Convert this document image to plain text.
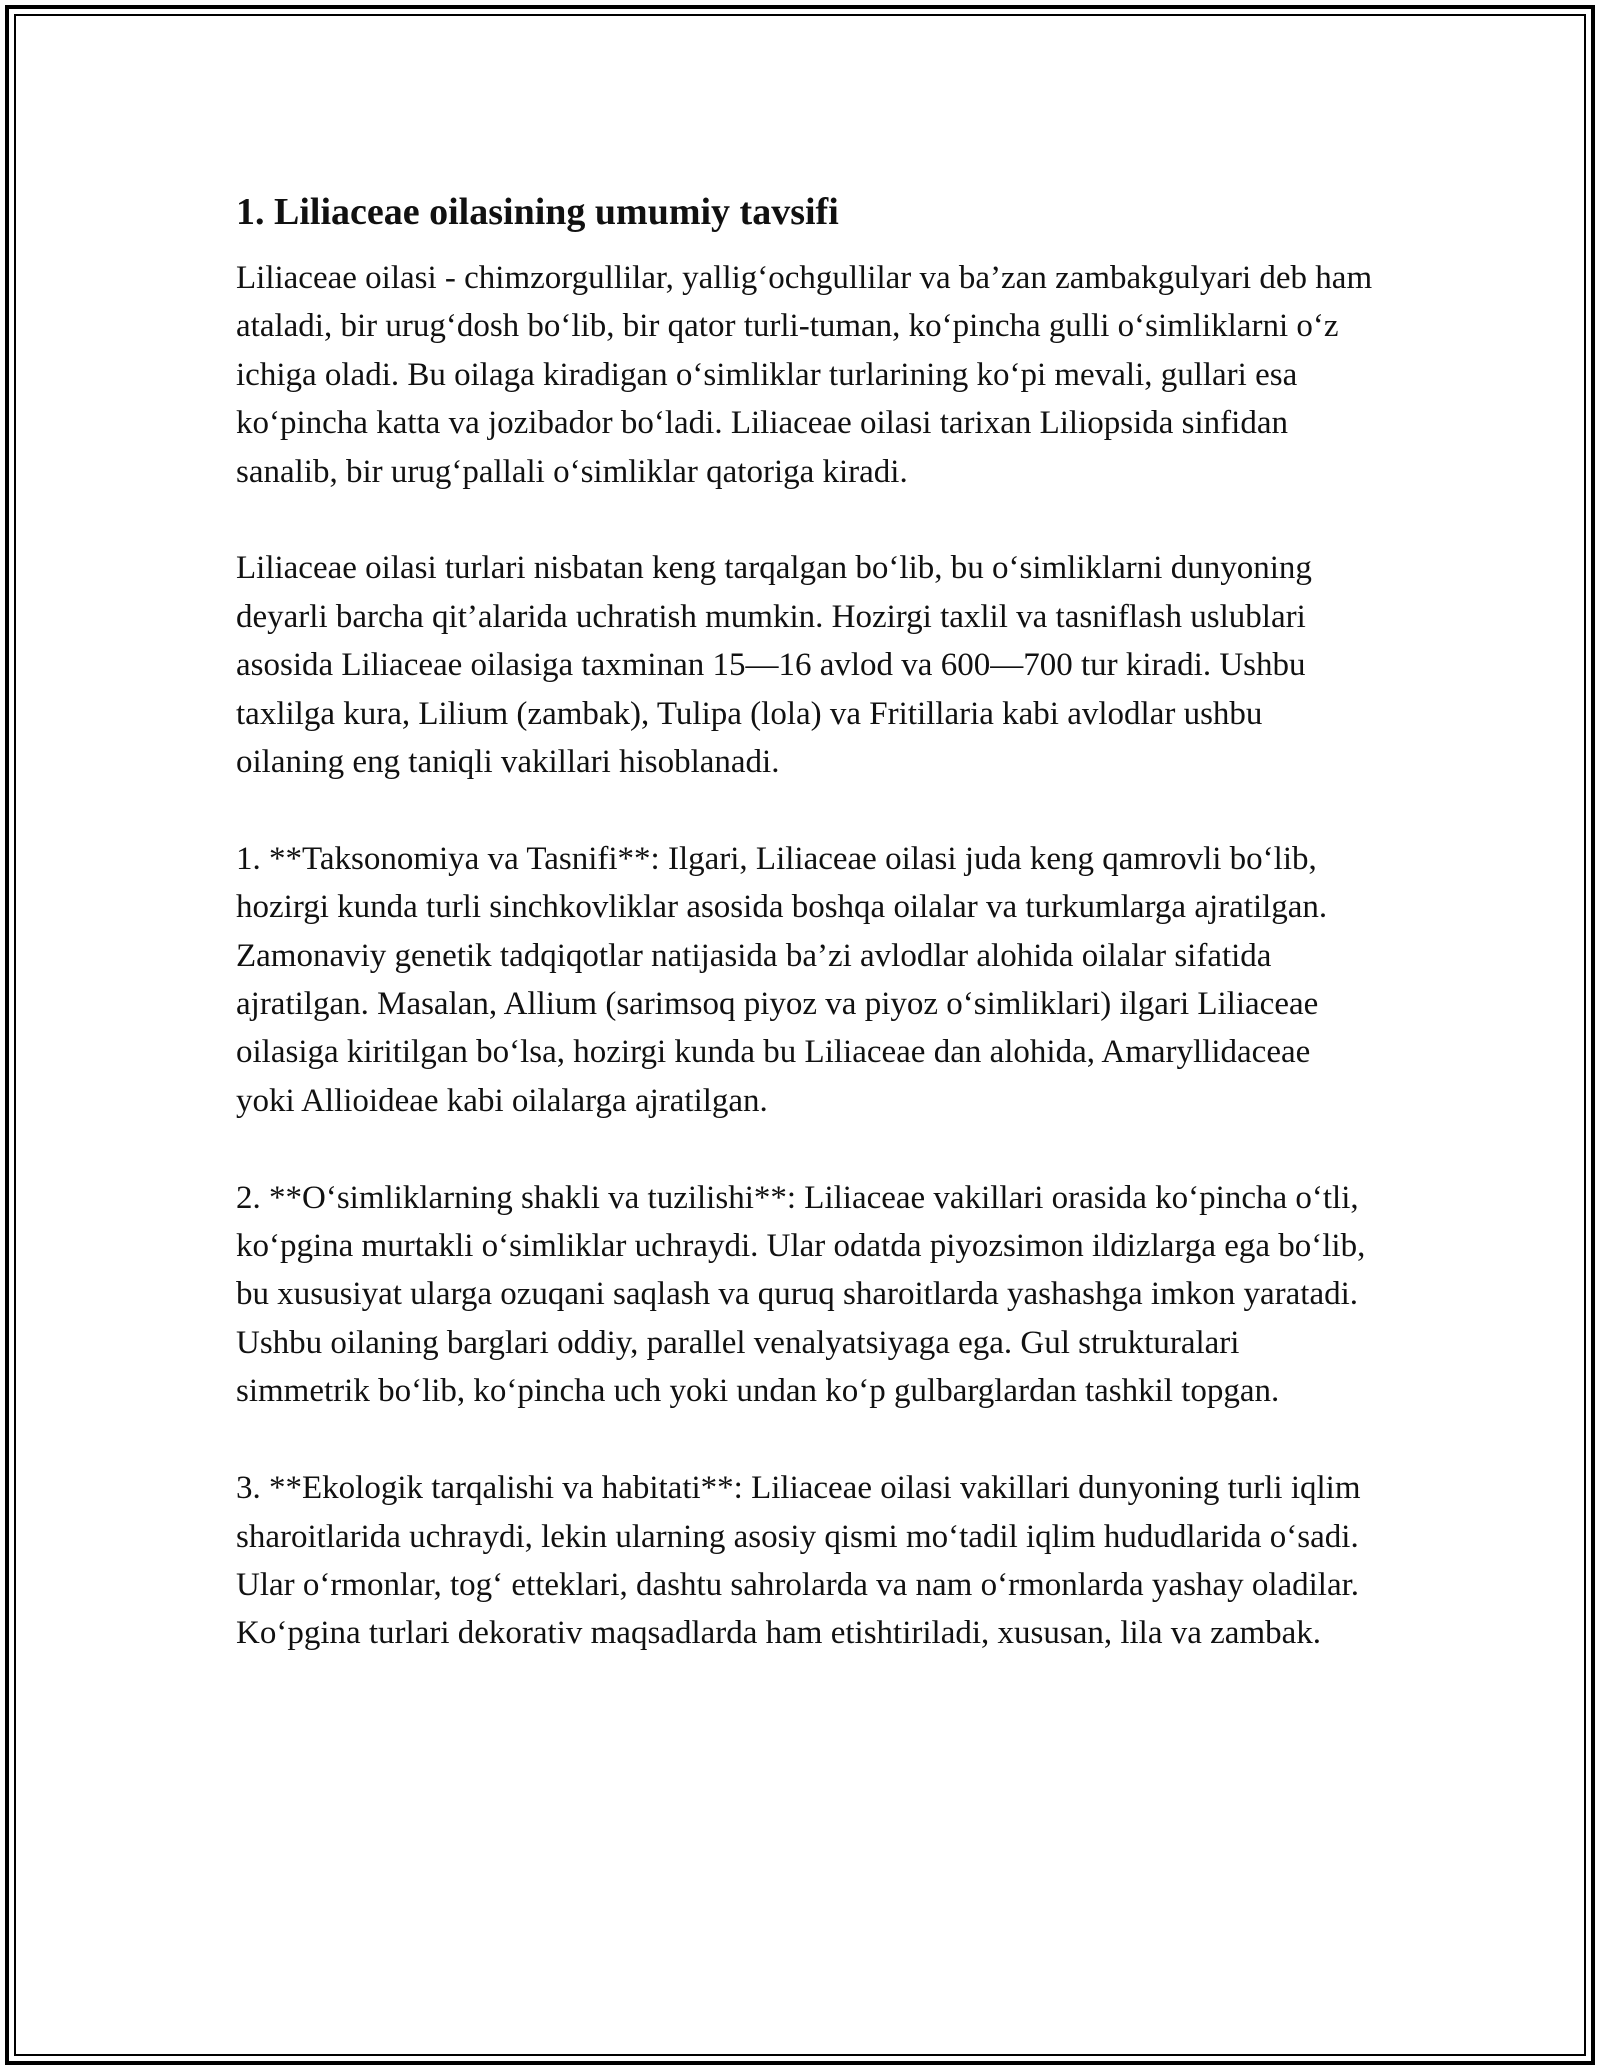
1. Liliaceae oilasining umumiy tavsifi

Liliaceae oilasi - chimzorgullilar, yallig‘ochgullilar va ba’zan zambakgulyari deb ham ataladi, bir urug‘dosh bo‘lib, bir qator turli-tuman, ko‘pincha gulli o‘simliklarni o‘z ichiga oladi. Bu oilaga kiradigan o‘simliklar turlarining ko‘pi mevali, gullari esa ko‘pincha katta va jozibador bo‘ladi. Liliaceae oilasi tarixan Liliopsida sinfidan sanalib, bir urug‘pallali o‘simliklar qatoriga kiradi.

Liliaceae oilasi turlari nisbatan keng tarqalgan bo‘lib, bu o‘simliklarni dunyoning deyarli barcha qit’alarida uchratish mumkin. Hozirgi taxlil va tasniflash uslublari asosida Liliaceae oilasiga taxminan 15—16 avlod va 600—700 tur kiradi. Ushbu taxlilga kura, Lilium (zambak), Tulipa (lola) va Fritillaria kabi avlodlar ushbu oilaning eng taniqli vakillari hisoblanadi.

1. **Taksonomiya va Tasnifi**: Ilgari, Liliaceae oilasi juda keng qamrovli bo‘lib, hozirgi kunda turli sinchkovliklar asosida boshqa oilalar va turkumlarga ajratilgan. Zamonaviy genetik tadqiqotlar natijasida ba’zi avlodlar alohida oilalar sifatida ajratilgan. Masalan, Allium (sarimsoq piyoz va piyoz o‘simliklari) ilgari Liliaceae oilasiga kiritilgan bo‘lsa, hozirgi kunda bu Liliaceae dan alohida, Amaryllidaceae yoki Allioideae kabi oilalarga ajratilgan.

2. **O‘simliklarning shakli va tuzilishi**: Liliaceae vakillari orasida ko‘pincha o‘tli, ko‘pgina murtakli o‘simliklar uchraydi. Ular odatda piyozsimon ildizlarga ega bo‘lib, bu xususiyat ularga ozuqani saqlash va quruq sharoitlarda yashashga imkon yaratadi. Ushbu oilaning barglari oddiy, parallel venalyatsiyaga ega. Gul strukturalari simmetrik bo‘lib, ko‘pincha uch yoki undan ko‘p gulbarglardan tashkil topgan.

3. **Ekologik tarqalishi va habitati**: Liliaceae oilasi vakillari dunyoning turli iqlim sharoitlarida uchraydi, lekin ularning asosiy qismi mo‘tadil iqlim hududlarida o‘sadi. Ular o‘rmonlar, tog‘ etteklari, dashtu sahrolarda va nam o‘rmonlarda yashay oladilar. Ko‘pgina turlari dekorativ maqsadlarda ham etishtiriladi, xususan, lila va zambak.
